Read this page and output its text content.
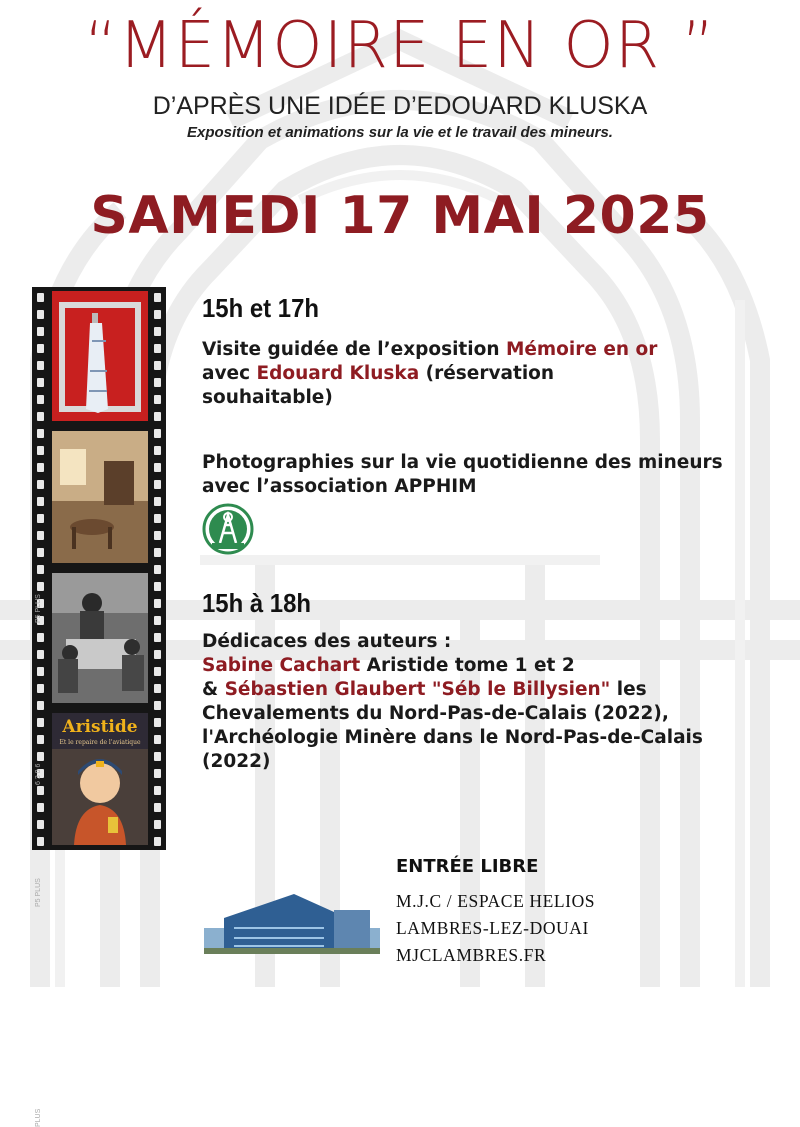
“MÉMOIRE EN OR ”
D’APRÈS UNE IDÉE D’EDOUARD KLUSKA
Exposition et animations sur la vie et le travail des mineurs.
SAMEDI 17 MAI 2025
P5 PLUS
6 3 0 6
P5 PLUS
PLUS
Aristide
Et le repaire de l'aviatique
15h et 17h
Visite guidée de l’exposition Mémoire en or
avec Edouard Kluska (réservation
souhaitable)
Photographies sur la vie quotidienne des mineurs
avec l’association APPHIM
15h à 18h
Dédicaces des auteurs :
Sabine Cachart Aristide tome 1 et 2
& Sébastien Glaubert "Séb le Billysien" les
Chevalements du Nord-Pas-de-Calais (2022),
l'Archéologie Minère dans le Nord-Pas-de-Calais
(2022)
ENTRÉE LIBRE
M.J.C / ESPACE HELIOS
LAMBRES-LEZ-DOUAI
MJCLAMBRES.FR
